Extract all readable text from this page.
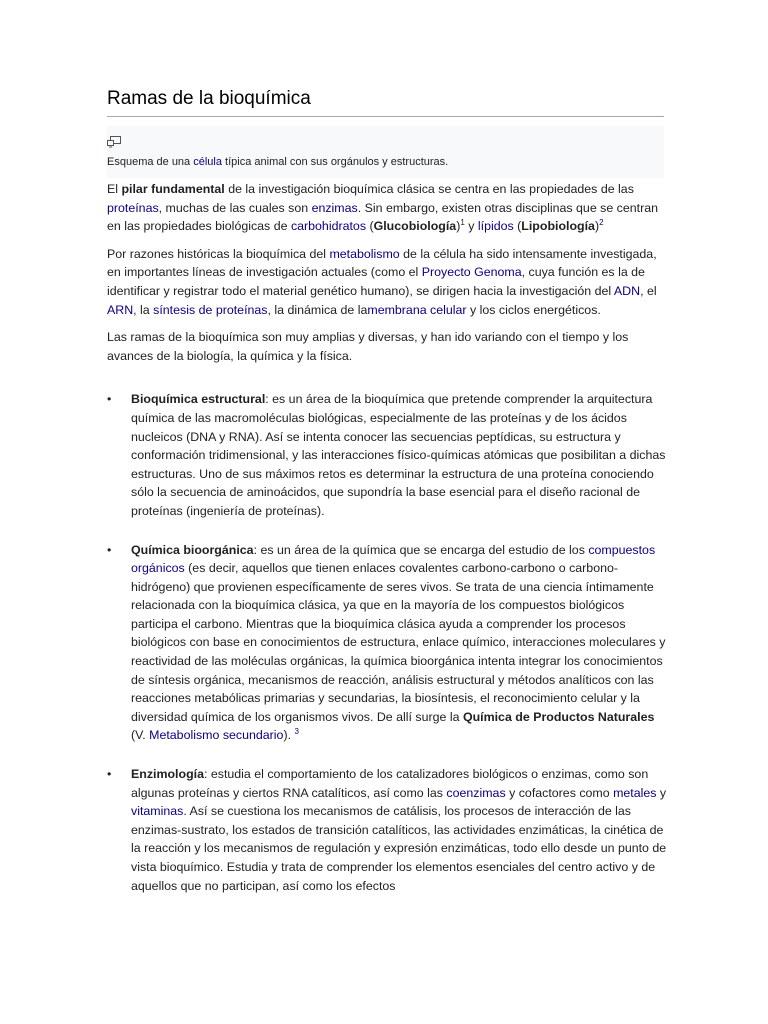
Ramas de la bioquímica
Esquema de una célula típica animal con sus orgánulos y estructuras.

El pilar fundamental de la investigación bioquímica clásica se centra en las propiedades de las proteínas, muchas de las cuales son enzimas. Sin embargo, existen otras disciplinas que se centran en las propiedades biológicas de carbohidratos (Glucobiología)$^1$ y lípidos (Lipobiología)$^2$

Por razones históricas la bioquímica del metabolismo de la célula ha sido intensamente investigada, en importantes líneas de investigación actuales (como el Proyecto Genoma, cuya función es la de identificar y registrar todo el material genético humano), se dirigen hacia la investigación del ADN, el ARN, la síntesis de proteínas, la dinámica de lamembrana celular y los ciclos energéticos.

Las ramas de la bioquímica son muy amplias y diversas, y han ido variando con el tiempo y los avances de la biología, la química y la física.

• Bioquímica estructural: es un área de la bioquímica que pretende comprender la arquitectura química de las macromoléculas biológicas, especialmente de las proteínas y de los ácidos nucleicos (DNA y RNA). Así se intenta conocer las secuencias peptídicas, su estructura y conformación tridimensional, y las interacciones físico-químicas atómicas que posibilitan a dichas estructuras. Uno de sus máximos retos es determinar la estructura de una proteína conociendo sólo la secuencia de aminoácidos, que supondría la base esencial para el diseño racional de proteínas (ingeniería de proteínas).
• Química bioorgánica: es un área de la química que se encarga del estudio de los compuestos orgánicos (es decir, aquellos que tienen enlaces covalentes carbono-carbono o carbono-hidrógeno) que provienen específicamente de seres vivos. Se trata de una ciencia íntimamente relacionada con la bioquímica clásica, ya que en la mayoría de los compuestos biológicos participa el carbono. Mientras que la bioquímica clásica ayuda a comprender los procesos biológicos con base en conocimientos de estructura, enlace químico, interacciones moleculares y reactividad de las moléculas orgánicas, la química bioorgánica intenta integrar los conocimientos de síntesis orgánica, mecanismos de reacción, análisis estructural y métodos analíticos con las reacciones metabólicas primarias y secundarias, la biosíntesis, el reconocimiento celular y la diversidad química de los organismos vivos. De allí surge la Química de Productos Naturales (V. Metabolismo secundario). $^3$
• Enzimología: estudia el comportamiento de los catalizadores biológicos o enzimas, como son algunas proteínas y ciertos RNA catalíticos, así como las coenzimas y cofactores como metales y vitaminas. Así se cuestiona los mecanismos de catálisis, los procesos de interacción de las enzimas-sustrato, los estados de transición catalíticos, las actividades enzimáticas, la cinética de la reacción y los mecanismos de regulación y expresión enzimáticas, todo ello desde un punto de vista bioquímico. Estudia y trata de comprender los elementos esenciales del centro activo y de aquellos que no participan, así como los efectos
